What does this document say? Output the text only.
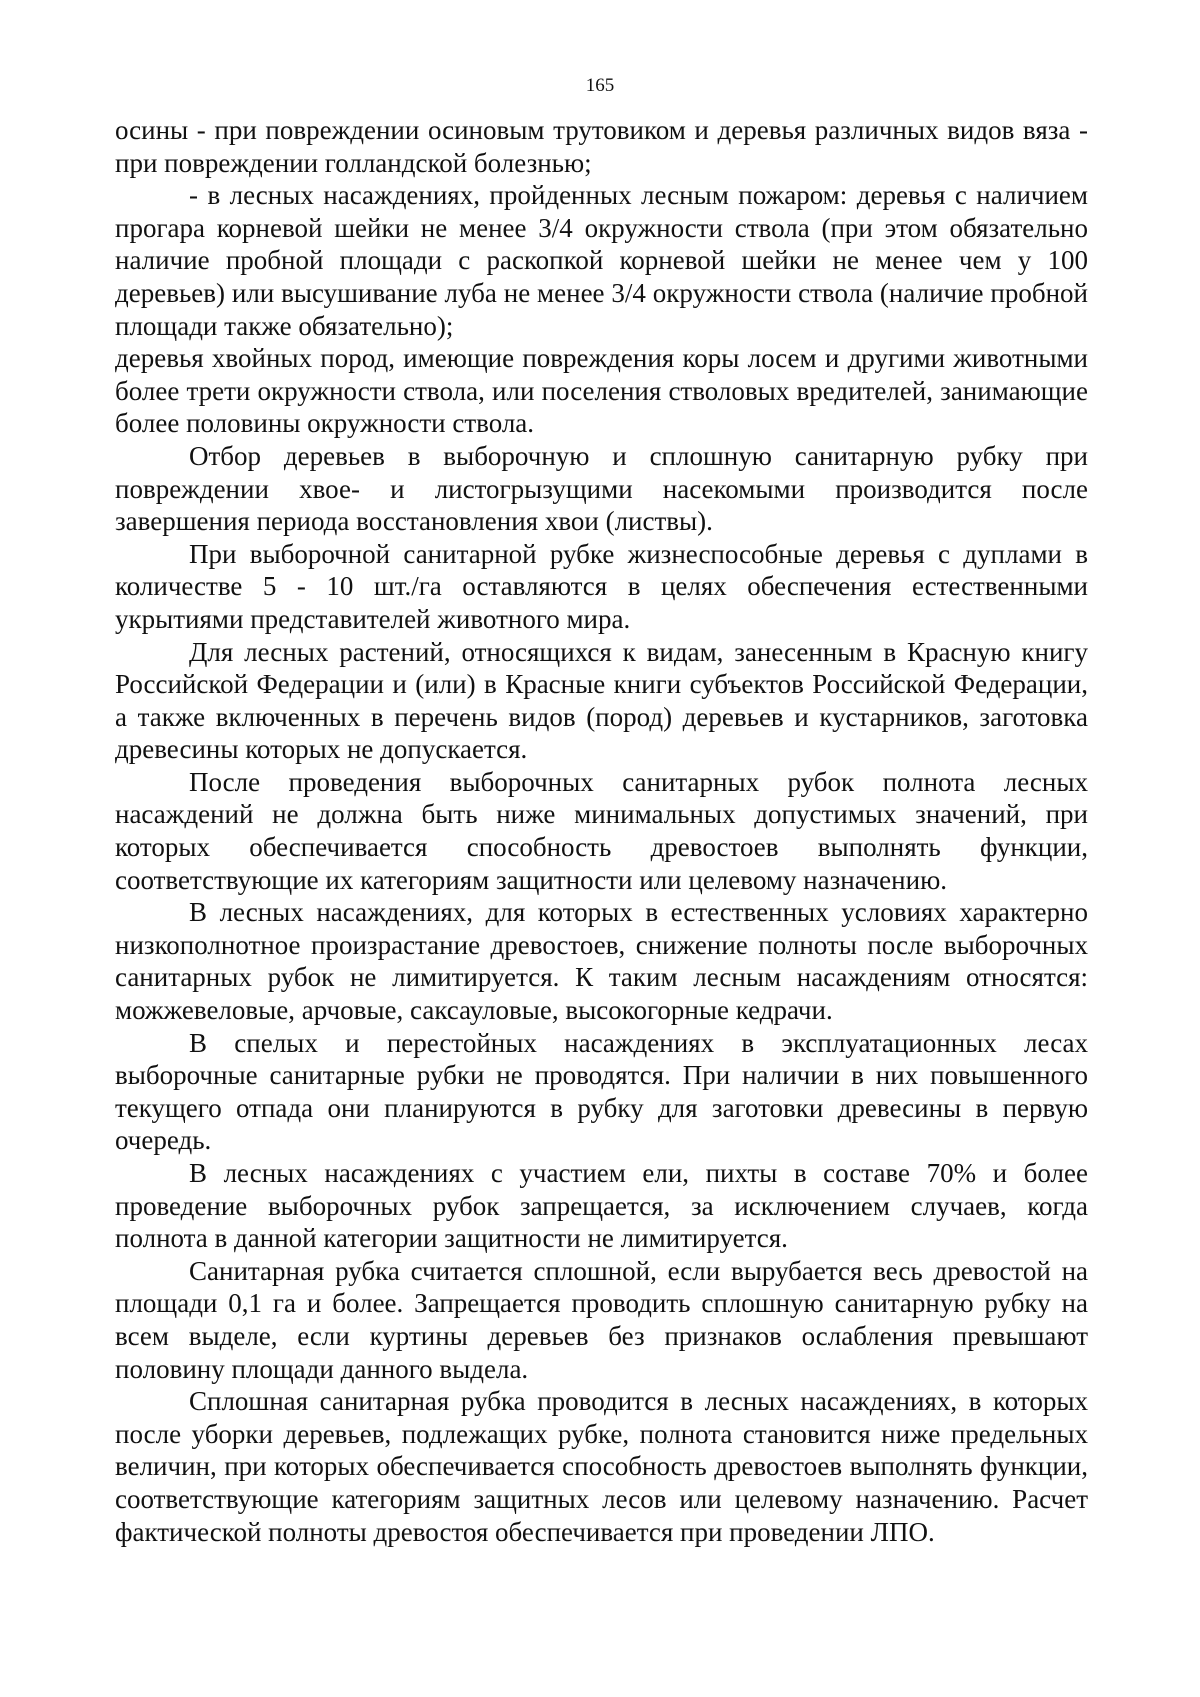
165

осины - при повреждении осиновым трутовиком и деревья различных видов вяза - при повреждении голландской болезнью;

- в лесных насаждениях, пройденных лесным пожаром: деревья с наличием прогара корневой шейки не менее 3/4 окружности ствола (при этом обязательно наличие пробной площади с раскопкой корневой шейки не менее чем у 100 деревьев) или высушивание луба не менее 3/4 окружности ствола (наличие пробной площади также обязательно);

деревья хвойных пород, имеющие повреждения коры лосем и другими животными более трети окружности ствола, или поселения стволовых вредителей, занимающие более половины окружности ствола.

Отбор деревьев в выборочную и сплошную санитарную рубку при повреждении хвое- и листогрызущими насекомыми производится после завершения периода восстановления хвои (листвы).

При выборочной санитарной рубке жизнеспособные деревья с дуплами в количестве 5 - 10 шт./га оставляются в целях обеспечения естественными укрытиями представителей животного мира.

Для лесных растений, относящихся к видам, занесенным в Красную книгу Российской Федерации и (или) в Красные книги субъектов Российской Федерации, а также включенных в перечень видов (пород) деревьев и кустарников, заготовка древесины которых не допускается.

После проведения выборочных санитарных рубок полнота лесных насаждений не должна быть ниже минимальных допустимых значений, при которых обеспечивается способность древостоев выполнять функции, соответствующие их категориям защитности или целевому назначению.

В лесных насаждениях, для которых в естественных условиях характерно низкополнотное произрастание древостоев, снижение полноты после выборочных санитарных рубок не лимитируется. К таким лесным насаждениям относятся: можжевеловые, арчовые, саксауловые, высокогорные кедрачи.

В спелых и перестойных насаждениях в эксплуатационных лесах выборочные санитарные рубки не проводятся. При наличии в них повышенного текущего отпада они планируются в рубку для заготовки древесины в первую очередь.

В лесных насаждениях с участием ели, пихты в составе 70% и более проведение выборочных рубок запрещается, за исключением случаев, когда полнота в данной категории защитности не лимитируется.

Санитарная рубка считается сплошной, если вырубается весь древостой на площади 0,1 га и более. Запрещается проводить сплошную санитарную рубку на всем выделе, если куртины деревьев без признаков ослабления превышают половину площади данного выдела.

Сплошная санитарная рубка проводится в лесных насаждениях, в которых после уборки деревьев, подлежащих рубке, полнота становится ниже предельных величин, при которых обеспечивается способность древостоев выполнять функции, соответствующие категориям защитных лесов или целевому назначению. Расчет фактической полноты древостоя обеспечивается при проведении ЛПО.
